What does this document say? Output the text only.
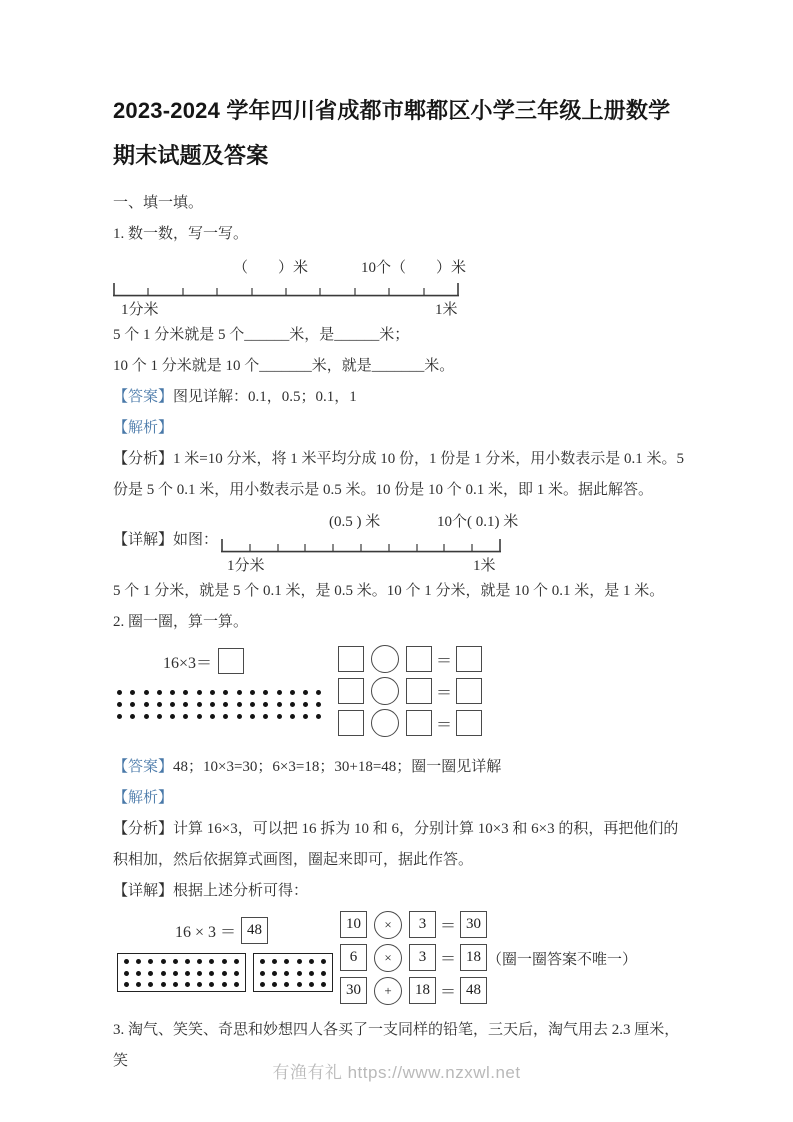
2023-2024 学年四川省成都市郫都区小学三年级上册数学期末试题及答案
一、填一填。
1. 数一数，写一写。
（　　）米	10个（　　）米
1分米	1米
5 个 1 分米就是 5 个______米，是______米；
10 个 1 分米就是 10 个_______米，就是_______米。
【答案】图见详解：0.1，0.5；0.1，1
【解析】
【分析】1 米=10 分米，将 1 米平均分成 10 份，1 份是 1 分米，用小数表示是 0.1 米。5 份是 5 个 0.1 米，用小数表示是 0.5 米。10 份是 10 个 0.1 米，即 1 米。据此解答。
【详解】如图：
(0.5 ) 米	10个( 0.1) 米
1分米	1米
5 个 1 分米，就是 5 个 0.1 米，是 0.5 米。10 个 1 分米，就是 10 个 0.1 米，是 1 米。
2. 圈一圈，算一算。
16×3＝	＝
＝
＝
【答案】48；10×3=30；6×3=18；30+18=48；圈一圈见详解
【解析】
【分析】计算 16×3，可以把 16 拆为 10 和 6，分别计算 10×3 和 6×3 的积，再把他们的积相加，然后依据算式画图，圈起来即可，据此作答。
【详解】根据上述分析可得：
16 × 3 ＝ 48	10	×	3 ＝ 30
6	×	3 ＝ 18
30	+	18 ＝ 48
（圈一圈答案不唯一）
3. 淘气、笑笑、奇思和妙想四人各买了一支同样的铅笔，三天后，淘气用去 2.3 厘米，笑
有渔有礼 https://www.nzxwl.net
